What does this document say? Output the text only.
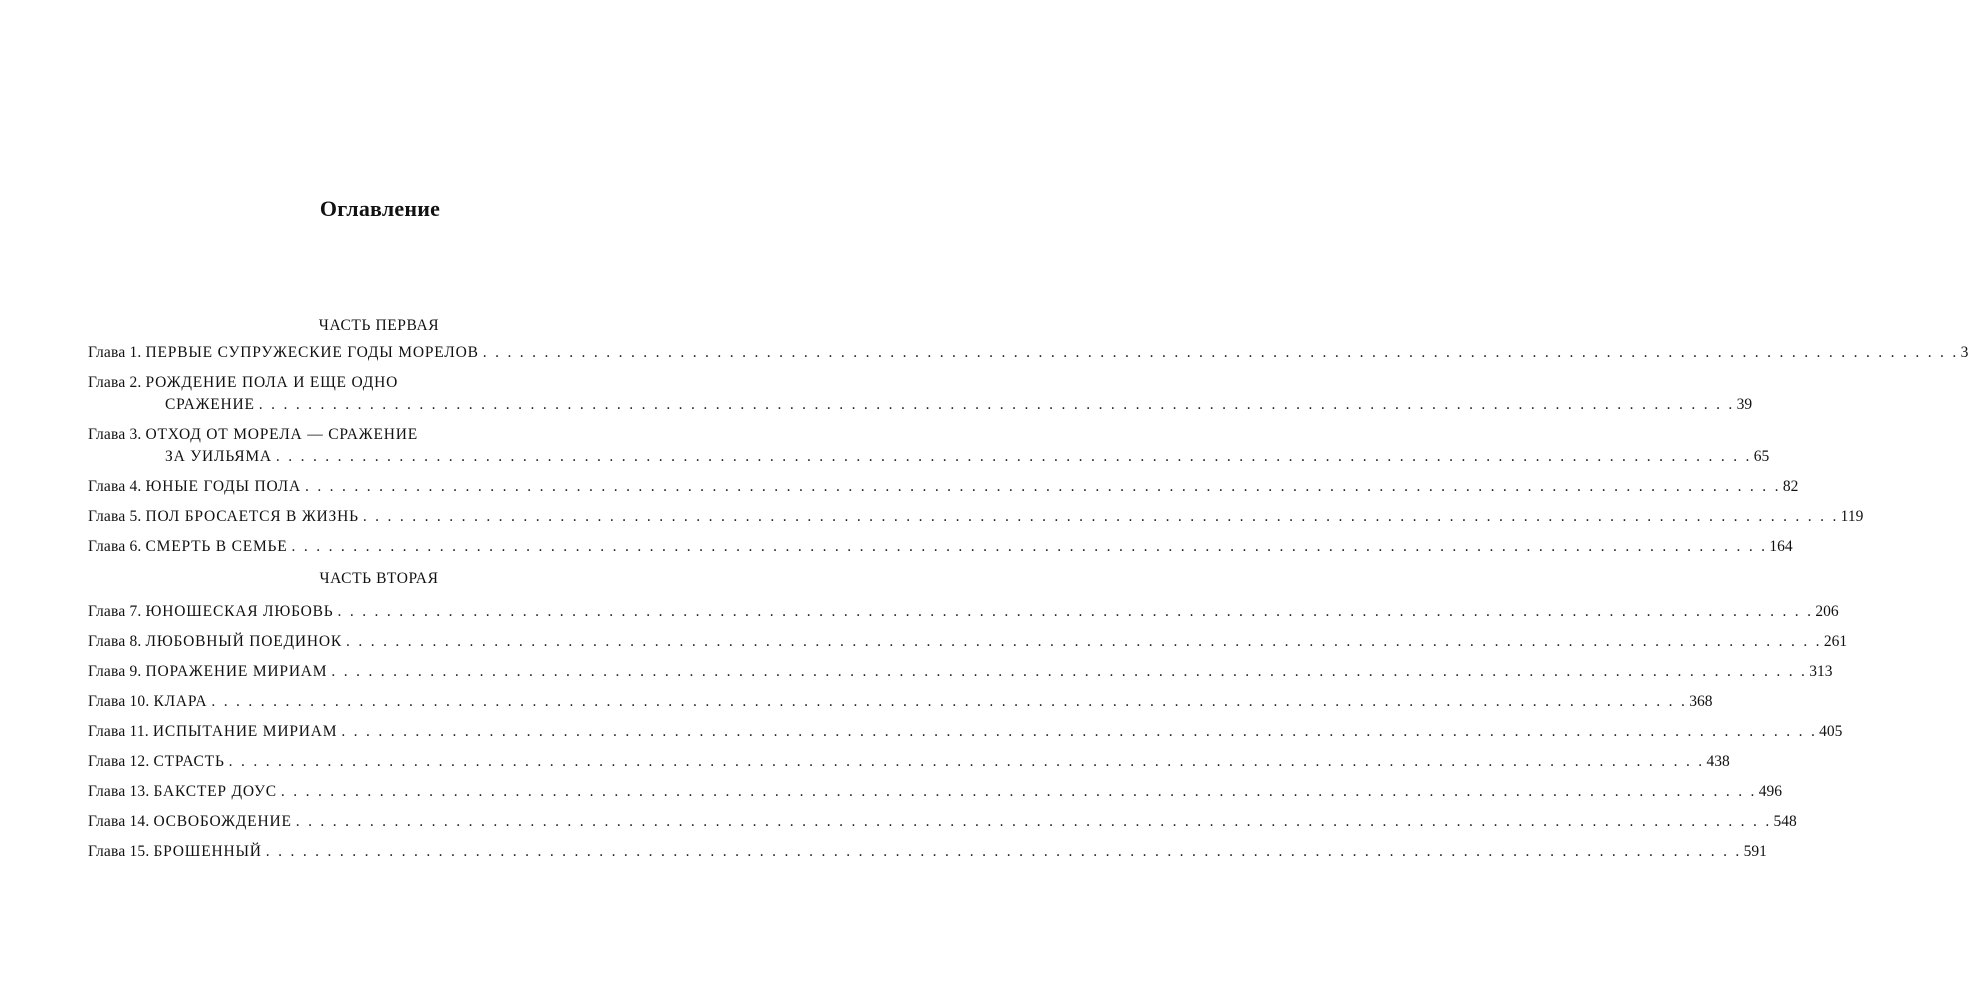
Оглавление
ЧАСТЬ ПЕРВАЯ
Глава 1. ПЕРВЫЕ СУПРУЖЕСКИЕ ГОДЫ МОРЕЛОВ . . . . . . . . . . . . . . . . . . . . . . . . . . . . . . . . . . . . . . . . . . . . . . . . . . . . . . . . . . . . . . . . . . . . . . . . . . . . . . . . . . . . . . . . . . . . . . . . . . . . . . . . . . . . . . . . . . . . . . . . 3
Глава 2. РОЖДЕНИЕ ПОЛА И ЕЩЕ ОДНО
СРАЖЕНИЕ . . . . . . . . . . . . . . . . . . . . . . . . . . . . . . . . . . . . . . . . . . . . . . . . . . . . . . . . . . . . . . . . . . . . . . . . . . . . . . . . . . . . . . . . . . . . . . . . . . . . . . . . . . . . . . . . . . . . . . . . 39
Глава 3. ОТХОД ОТ МОРЕЛА — СРАЖЕНИЕ
ЗА УИЛЬЯМА . . . . . . . . . . . . . . . . . . . . . . . . . . . . . . . . . . . . . . . . . . . . . . . . . . . . . . . . . . . . . . . . . . . . . . . . . . . . . . . . . . . . . . . . . . . . . . . . . . . . . . . . . . . . . . . . . . . . . . . . 65
Глава 4. ЮНЫЕ ГОДЫ ПОЛА . . . . . . . . . . . . . . . . . . . . . . . . . . . . . . . . . . . . . . . . . . . . . . . . . . . . . . . . . . . . . . . . . . . . . . . . . . . . . . . . . . . . . . . . . . . . . . . . . . . . . . . . . . . . . . . . . . . . . . . . 82
Глава 5. ПОЛ БРОСАЕТСЯ В ЖИЗНЬ . . . . . . . . . . . . . . . . . . . . . . . . . . . . . . . . . . . . . . . . . . . . . . . . . . . . . . . . . . . . . . . . . . . . . . . . . . . . . . . . . . . . . . . . . . . . . . . . . . . . . . . . . . . . . . . . . . . . . . . . 119
Глава 6. СМЕРТЬ В СЕМЬЕ . . . . . . . . . . . . . . . . . . . . . . . . . . . . . . . . . . . . . . . . . . . . . . . . . . . . . . . . . . . . . . . . . . . . . . . . . . . . . . . . . . . . . . . . . . . . . . . . . . . . . . . . . . . . . . . . . . . . . . . . 164
ЧАСТЬ ВТОРАЯ
Глава 7. ЮНОШЕСКАЯ ЛЮБОВЬ . . . . . . . . . . . . . . . . . . . . . . . . . . . . . . . . . . . . . . . . . . . . . . . . . . . . . . . . . . . . . . . . . . . . . . . . . . . . . . . . . . . . . . . . . . . . . . . . . . . . . . . . . . . . . . . . . . . . . . . . 206
Глава 8. ЛЮБОВНЫЙ ПОЕДИНОК . . . . . . . . . . . . . . . . . . . . . . . . . . . . . . . . . . . . . . . . . . . . . . . . . . . . . . . . . . . . . . . . . . . . . . . . . . . . . . . . . . . . . . . . . . . . . . . . . . . . . . . . . . . . . . . . . . . . . . . . 261
Глава 9. ПОРАЖЕНИЕ МИРИАМ . . . . . . . . . . . . . . . . . . . . . . . . . . . . . . . . . . . . . . . . . . . . . . . . . . . . . . . . . . . . . . . . . . . . . . . . . . . . . . . . . . . . . . . . . . . . . . . . . . . . . . . . . . . . . . . . . . . . . . . . 313
Глава 10. КЛАРА . . . . . . . . . . . . . . . . . . . . . . . . . . . . . . . . . . . . . . . . . . . . . . . . . . . . . . . . . . . . . . . . . . . . . . . . . . . . . . . . . . . . . . . . . . . . . . . . . . . . . . . . . . . . . . . . . . . . . . . . 368
Глава 11. ИСПЫТАНИЕ МИРИАМ . . . . . . . . . . . . . . . . . . . . . . . . . . . . . . . . . . . . . . . . . . . . . . . . . . . . . . . . . . . . . . . . . . . . . . . . . . . . . . . . . . . . . . . . . . . . . . . . . . . . . . . . . . . . . . . . . . . . . . . . 405
Глава 12. СТРАСТЬ . . . . . . . . . . . . . . . . . . . . . . . . . . . . . . . . . . . . . . . . . . . . . . . . . . . . . . . . . . . . . . . . . . . . . . . . . . . . . . . . . . . . . . . . . . . . . . . . . . . . . . . . . . . . . . . . . . . . . . . . 438
Глава 13. БАКСТЕР ДОУС . . . . . . . . . . . . . . . . . . . . . . . . . . . . . . . . . . . . . . . . . . . . . . . . . . . . . . . . . . . . . . . . . . . . . . . . . . . . . . . . . . . . . . . . . . . . . . . . . . . . . . . . . . . . . . . . . . . . . . . . 496
Глава 14. ОСВОБОЖДЕНИЕ . . . . . . . . . . . . . . . . . . . . . . . . . . . . . . . . . . . . . . . . . . . . . . . . . . . . . . . . . . . . . . . . . . . . . . . . . . . . . . . . . . . . . . . . . . . . . . . . . . . . . . . . . . . . . . . . . . . . . . . . 548
Глава 15. БРОШЕННЫЙ . . . . . . . . . . . . . . . . . . . . . . . . . . . . . . . . . . . . . . . . . . . . . . . . . . . . . . . . . . . . . . . . . . . . . . . . . . . . . . . . . . . . . . . . . . . . . . . . . . . . . . . . . . . . . . . . . . . . . . . . 591
